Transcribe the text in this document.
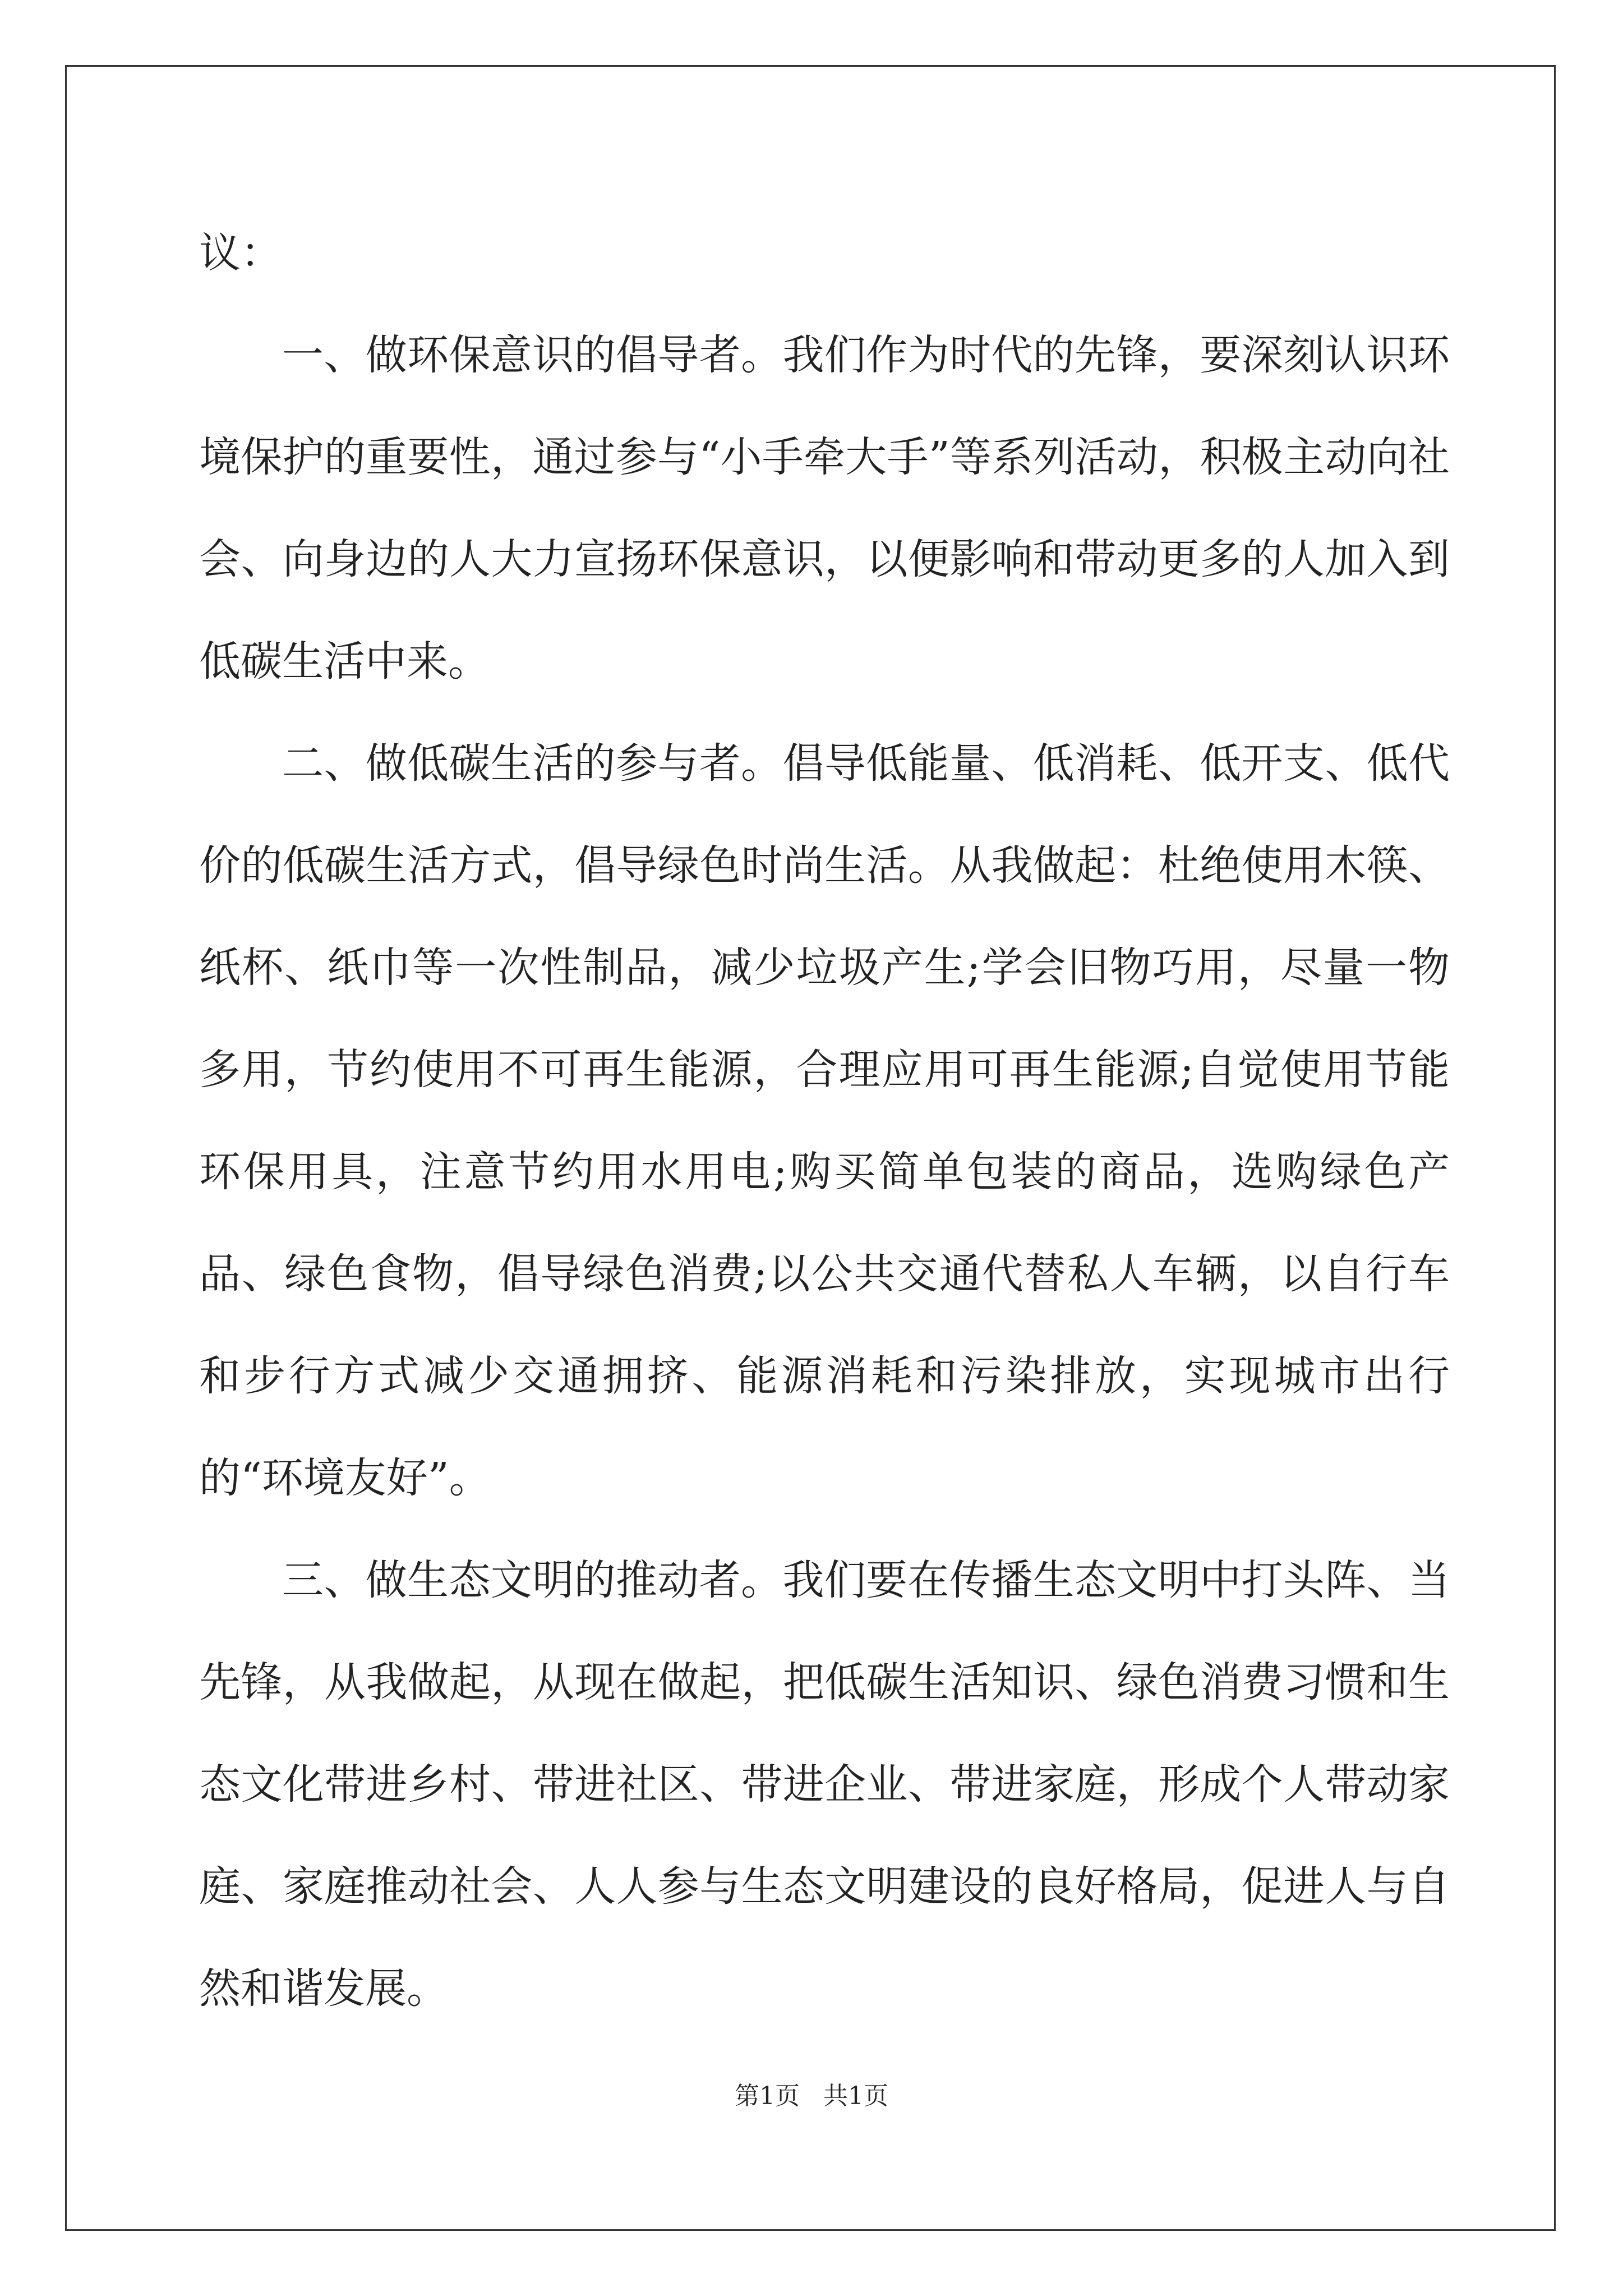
议：

一、做环保意识的倡导者。我们作为时代的先锋，要深刻认识环境保护的重要性，通过参与“小手牵大手”等系列活动，积极主动向社会、向身边的人大力宣扬环保意识，以便影响和带动更多的人加入到低碳生活中来。

二、做低碳生活的参与者。倡导低能量、低消耗、低开支、低代价的低碳生活方式，倡导绿色时尚生活。从我做起：杜绝使用木筷、纸杯、纸巾等一次性制品，减少垃圾产生;学会旧物巧用，尽量一物多用，节约使用不可再生能源，合理应用可再生能源;自觉使用节能环保用具，注意节约用水用电;购买简单包装的商品，选购绿色产品、绿色食物，倡导绿色消费;以公共交通代替私人车辆，以自行车和步行方式减少交通拥挤、能源消耗和污染排放，实现城市出行的“环境友好”。

三、做生态文明的推动者。我们要在传播生态文明中打头阵、当先锋，从我做起，从现在做起，把低碳生活知识、绿色消费习惯和生态文化带进乡村、带进社区、带进企业、带进家庭，形成个人带动家庭、家庭推动社会、人人参与生态文明建设的良好格局，促进人与自然和谐发展。

第1页   共1页
